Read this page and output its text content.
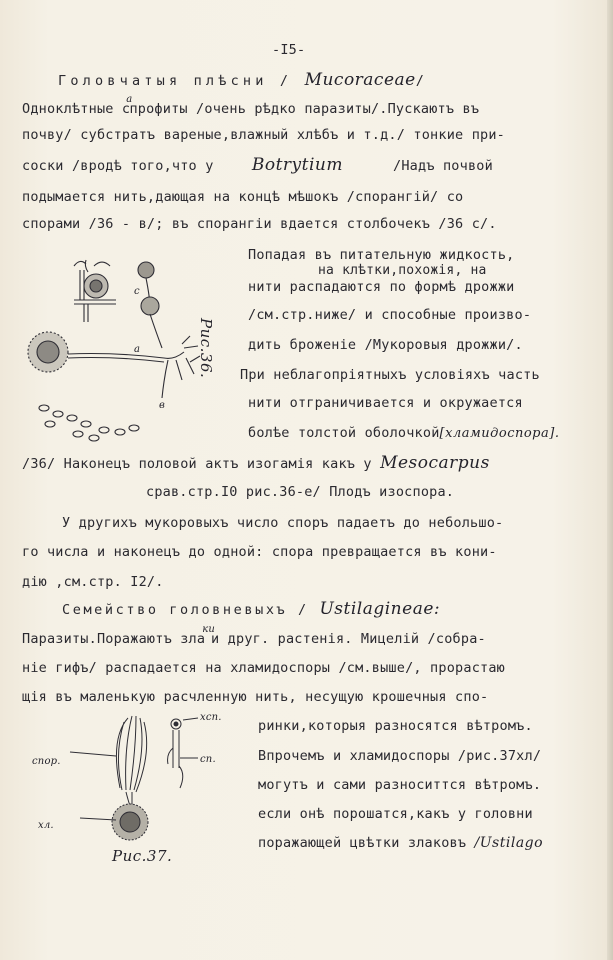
-I5-
Головчатыя плѣсни / Mucoraceae/
Одноклѣтные $с^апрофиты$ /очень рѣдко паразиты/.Пускаютъ въ
почву/ субстратъ вареные,влажный хлѣбъ и т.д./ тонкие при-
соски /вродѣ того,что у Botrytium	/Надъ почвой
подымается нить,дающая на концѣ мѣшокъ /спорангiй/ со
спорами /36 - в/; въ спорангiи вдается столбочекъ /36 с/.
Рис.36.
а
с
в
Попадая въ питательную жидкость,
на клѣтки,похожiя, на
нити распадаются по формѣ дрожжи
/см.стр.ниже/ и способные произво-
дить броженiе /Мукоровыя дрожжи/.
При неблагопрiятныхъ условiяхъ часть
нити отграничивается и окружается
болѣе толстой оболочкой[хламидоспора].
/36/ Наконецъ половой актъ изогамiя какъ у Mesocarpus
срав.стр.I0 рис.36-е/ Плодъ изоспора.
У другихъ мукоровыхъ число споръ падаетъ до небольшо-
го числа и наконецъ до одной: спора превращается въ кони-
дiю ,см.стр. I2/.
Семейство головневыхъ / Ustilagineae:
Паразиты.Поражаютъ зла$^{ки}$и друг. растенiя. Мицелiй /собра-
нiе гифъ/ распадается на хламидоспоры /см.выше/, прорастаю
щiя въ маленькую расчленную нить, несущую крошечныя спо-
ринки,которыя разносятся вѣтромъ.
Впрочемъ и хламидоспоры /рис.37хл/
могутъ и сами разноситтся вѣтромъ.
если онѣ порошатся,какъ у головни
поражающей цвѣтки злаковъ /Ustilago
спор.
хл.
хсп.
сп.
Рис.37.
